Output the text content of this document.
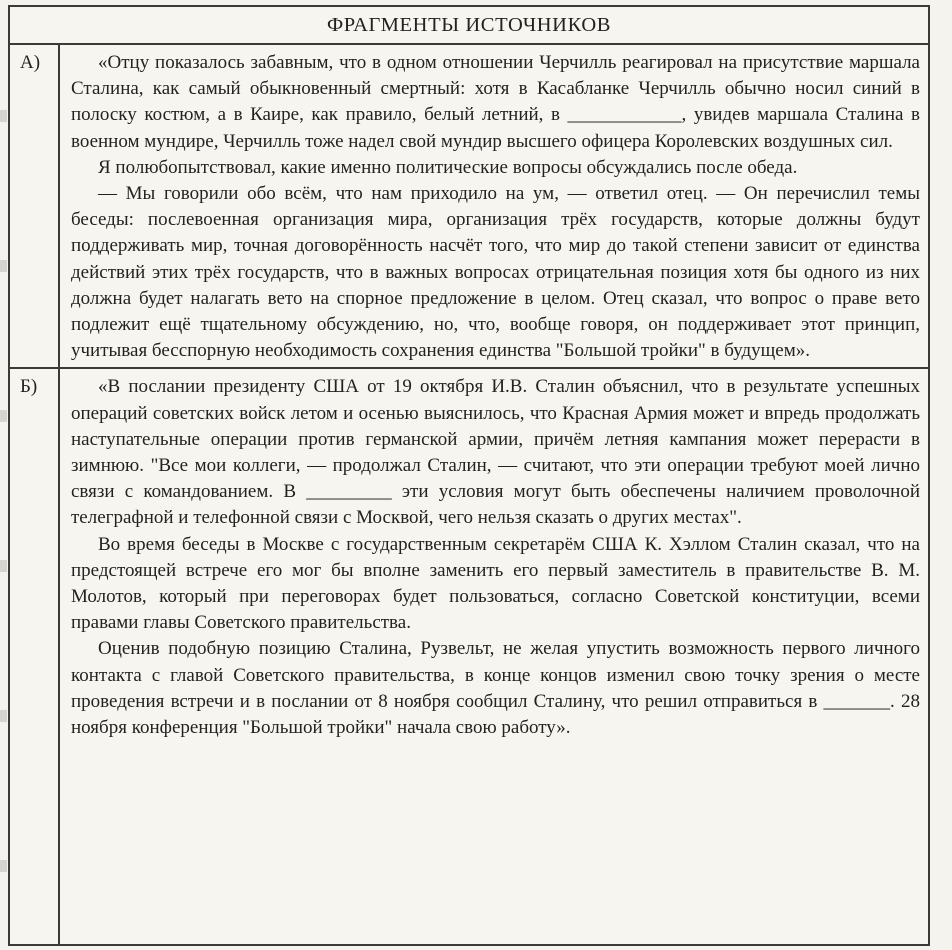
ФРАГМЕНТЫ ИСТОЧНИКОВ
А)	«Отцу показалось забавным, что в одном отношении Черчилль реагировал на присутствие маршала Сталина, как самый обыкновенный смертный: хотя в Касабланке Черчилль обычно носил синий в полоску костюм, а в Каире, как правило, белый летний, в ____________, увидев маршала Сталина в военном мундире, Черчилль тоже надел свой мундир высшего офицера Королевских воздушных сил.

Я полюбопытствовал, какие именно политические вопросы обсуждались после обеда.

— Мы говорили обо всём, что нам приходило на ум, — ответил отец. — Он перечислил темы беседы: послевоенная организация мира, организация трёх государств, которые должны будут поддерживать мир, точная договорённость насчёт того, что мир до такой степени зависит от единства действий этих трёх государств, что в важных вопросах отрицательная позиция хотя бы одного из них должна будет налагать вето на спорное предложение в целом. Отец сказал, что вопрос о праве вето подлежит ещё тщательному обсуждению, но, что, вообще говоря, он поддерживает этот принцип, учитывая бесспорную необходимость сохранения единства "Большой тройки" в будущем».

Б)	«В послании президенту США от 19 октября И.В. Сталин объяснил, что в результате успешных операций советских войск летом и осенью выяснилось, что Красная Армия может и впредь продолжать наступательные операции против германской армии, причём летняя кампания может перерасти в зимнюю. "Все мои коллеги, — продолжал Сталин, — считают, что эти операции требуют моей лично связи с командованием. В _________ эти условия могут быть обеспечены наличием проволочной телеграфной и телефонной связи с Москвой, чего нельзя сказать о других местах".

Во время беседы в Москве с государственным секретарём США К. Хэллом Сталин сказал, что на предстоящей встрече его мог бы вполне заменить его первый заместитель в правительстве В. М. Молотов, который при переговорах будет пользоваться, согласно Советской конституции, всеми правами главы Советского правительства.

Оценив подобную позицию Сталина, Рузвельт, не желая упустить возможность первого личного контакта с главой Советского правительства, в конце концов изменил свою точку зрения о месте проведения встречи и в послании от 8 ноября сообщил Сталину, что решил отправиться в _______. 28 ноября конференция "Большой тройки" начала свою работу».
